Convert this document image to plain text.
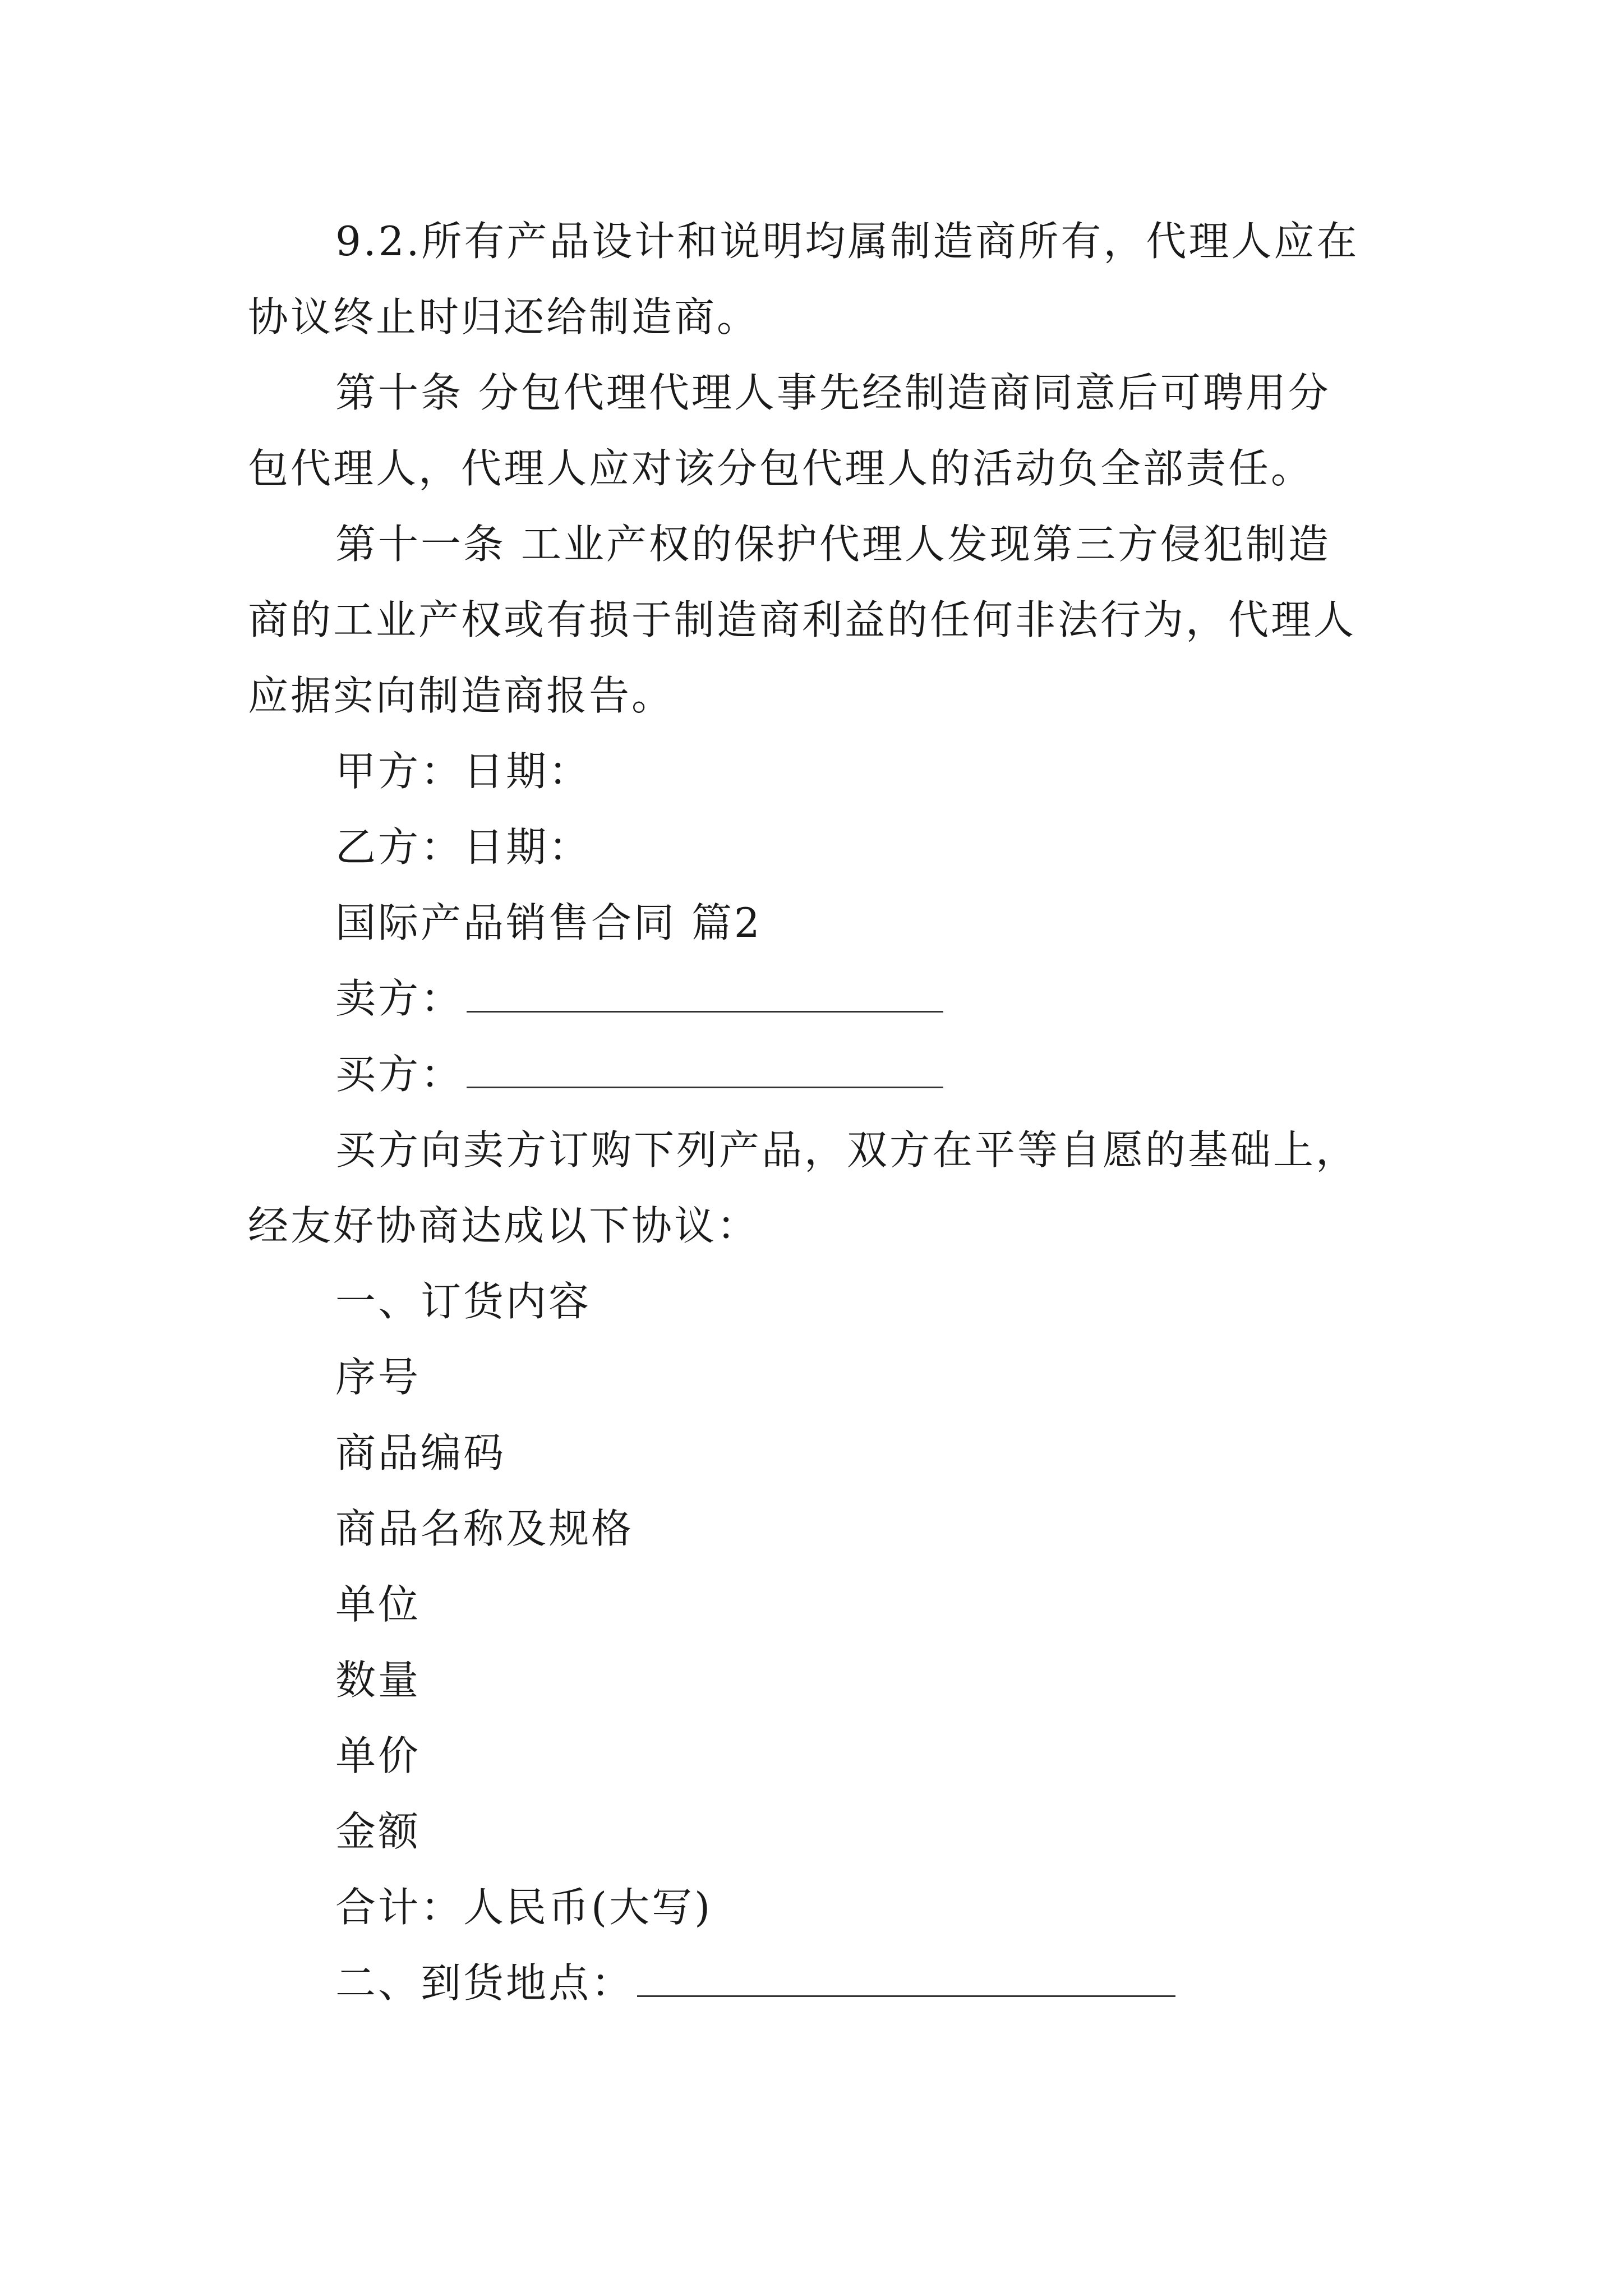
9.2.所有产品设计和说明均属制造商所有，代理人应在
协议终止时归还给制造商。
第十条 分包代理代理人事先经制造商同意后可聘用分
包代理人，代理人应对该分包代理人的活动负全部责任。
第十一条 工业产权的保护代理人发现第三方侵犯制造
商的工业产权或有损于制造商利益的任何非法行为，代理人
应据实向制造商报告。
甲方：日期：
乙方：日期：
国际产品销售合同 篇2
卖方：
买方：
买方向卖方订购下列产品，双方在平等自愿的基础上，
经友好协商达成以下协议：
一、订货内容
序号
商品编码
商品名称及规格
单位
数量
单价
金额
合计：人民币(大写)
二、到货地点：
